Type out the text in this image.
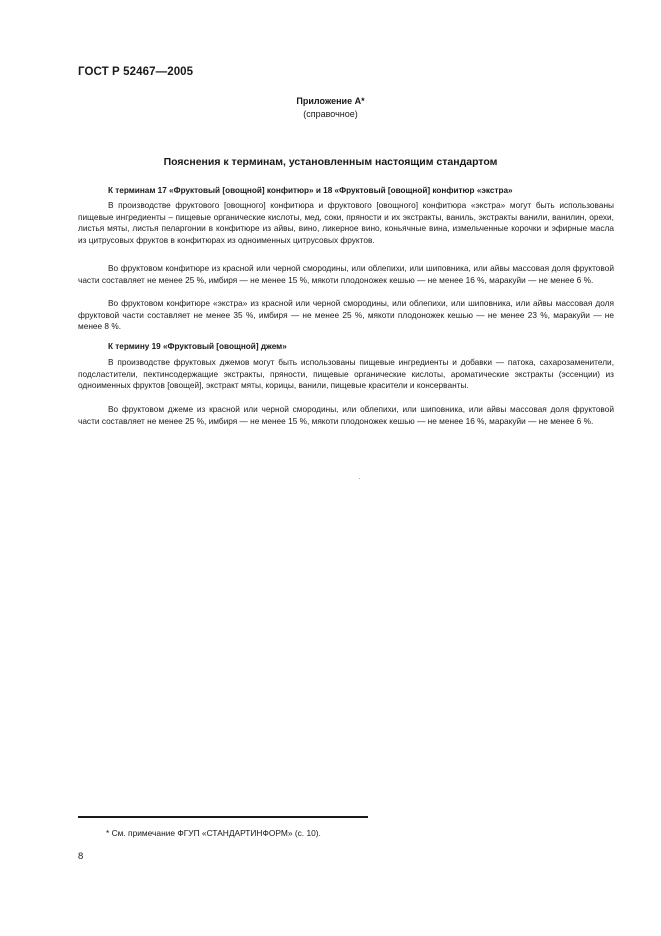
ГОСТ Р 52467—2005
Приложение А*
(справочное)
Пояснения к терминам, установленным настоящим стандартом
К терминам 17 «Фруктовый [овощной] конфитюр» и 18 «Фруктовый [овощной] конфитюр «экстра»

В производстве фруктового [овощного] конфитюра и фруктового [овощного] конфитюра «экстра» могут быть использованы пищевые ингредиенты – пищевые органические кислоты, мед, соки, пряности и их экстракты, ваниль, экстракты ванили, ванилин, орехи, листья мяты, листья пеларгонии в конфитюре из айвы, вино, ликерное вино, коньячные вина, измельченные корочки и эфирные масла из цитрусовых фруктов в конфитюрах из одноименных цитрусовых фруктов.

Во фруктовом конфитюре из красной или черной смородины, или облепихи, или шиповника, или айвы массовая доля фруктовой части составляет не менее 25 %, имбиря — не менее 15 %, мякоти плодоножек кешью — не менее 16 %, маракуйи — не менее 6 %.

Во фруктовом конфитюре «экстра» из красной или черной смородины, или облепихи, или шиповника, или айвы массовая доля фруктовой части составляет не менее 35 %, имбиря — не менее 25 %, мякоти плодоножек кешью — не менее 23 %, маракуйи — не менее 8 %.

К термину 19 «Фруктовый [овощной] джем»

В производстве фруктовых джемов могут быть использованы пищевые ингредиенты и добавки — патока, сахарозаменители, подсластители, пектинсодержащие экстракты, пряности, пищевые органические кислоты, ароматические экстракты (эссенции) из одноименных фруктов [овощей], экстракт мяты, корицы, ванили, пищевые красители и консерванты.

Во фруктовом джеме из красной или черной смородины, или облепихи, или шиповника, или айвы массовая доля фруктовой части составляет не менее 25 %, имбиря — не менее 15 %, мякоти плодоножек кешью — не менее 16 %, маракуйи — не менее 6 %.

* См. примечание ФГУП «СТАНДАРТИНФОРМ» (с. 10).
8
